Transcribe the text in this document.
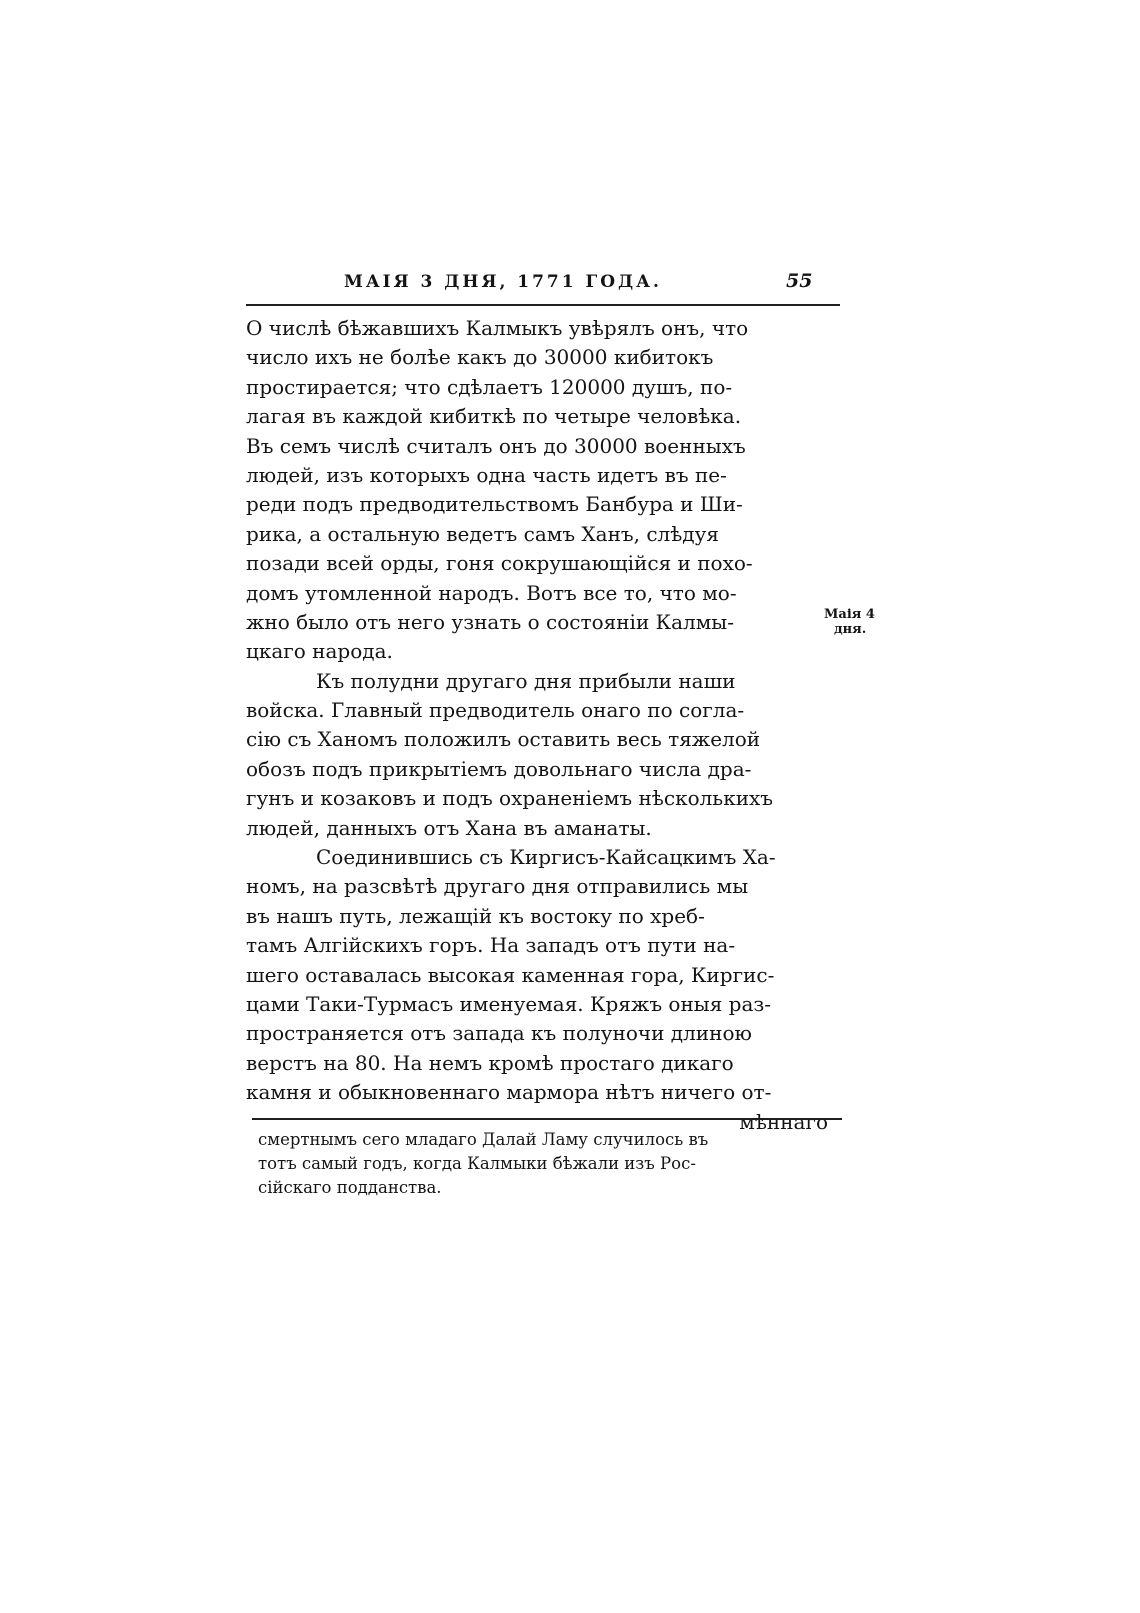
МАІЯ 3 ДНЯ, 1771 ГОДА.	55
О числѣ бѣжавшихъ Калмыкъ увѣрялъ онъ, что
число ихъ не болѣе какъ до 30000 кибитокъ
простирается; что сдѣлаетъ 120000 душъ, по-
лагая въ каждой кибиткѣ по четыре человѣка.
Въ семъ числѣ считалъ онъ до 30000 военныхъ
людей, изъ которыхъ одна часть идетъ въ пе-
реди подъ предводительствомъ Банбура и Ши-
рика, а остальную ведетъ самъ Ханъ, слѣдуя
позади всей орды, гоня сокрушающійся и похо-
домъ утомленной народъ. Вотъ все то, что мо-
жно было отъ него узнать о состояніи Калмы-
цкаго народа.
Къ полудни другаго дня прибыли наши
войска. Главный предводитель онаго по согла-
сію съ Ханомъ положилъ оставить весь тяжелой
обозъ подъ прикрытіемъ довольнаго числа дра-
гунъ и козаковъ и подъ охраненіемъ нѣсколькихъ
людей, данныхъ отъ Хана въ аманаты.
Соединившись съ Киргисъ-Кайсацкимъ Ха-
номъ, на разсвѣтѣ другаго дня отправились мы
въ нашъ путь, лежащій къ востоку по хреб-
тамъ Алгійскихъ горъ. На западъ отъ пути на-
шего оставалась высокая каменная гора, Киргис-
цами Таки-Турмасъ именуемая. Кряжъ оныя раз-
пространяется отъ запада къ полуночи длиною
верстъ на 80. На немъ кромѣ простаго дикаго
камня и обыкновеннаго мармора нѣтъ ничего от-
мѣннаго
Маія 4
дня.
смертнымъ сего младаго Далай Ламу случилось въ
тотъ самый годъ, когда Калмыки бѣжали изъ Рос-
сійскаго подданства.
